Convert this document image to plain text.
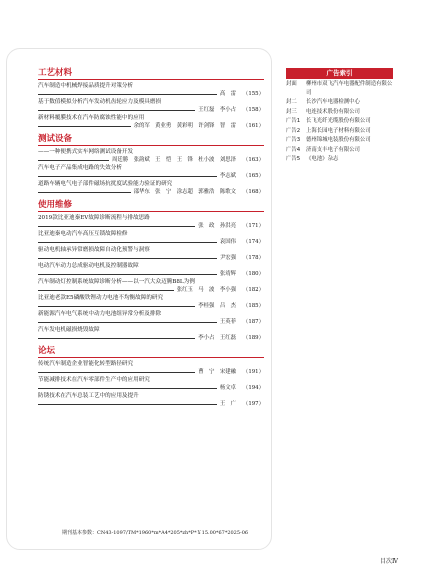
工艺材料
汽车制造中机械焊接品质提升对策分析
高　雷	（155）
基于数值模拟分析汽车发动机齿轮应力及模具磨损
王红磊　李小占	（158）
新材料覆膜技术在汽车防腐蚀性能中的应用
余的军　黄业勇　黄彩明　许剑锋　智　雷	（161）
测试设备
——一种便携式实车网络测试设备开发
周廷勝　张韵斌　王　恺　王　锋　杜小波　刘思泽	（163）
汽车电子产品集成电路的失效分析
李志斌	（165）
道路车辆电气电子部件磁场抗扰度试验能力验证的研究
邵华东　张　宁　涂志超　郭雅浩　陈歌文	（168）
使用维修
2019款比亚迪秦EV故障诊断流程与排故思路
张　政　孙洪亮	（171）
比亚迪秦电动汽车高压互锁故障检修
袁国伟	（174）
驱动电机轴承异常磨损故障自动化预警与洞察
尹宏强	（178）
电动汽车动力总成驱动电机及控制器故障
张靖辉	（180）
汽车制动灯控制系统故障诊断分析——以一汽大众迈腾B8L为例
张红玉　马　波　李小强	（182）
比亚迪老款E5磷酸铁锂动力电池不均衡故障的研究
李桂强　吕　杰	（185）
新能源汽车电气系统中动力电池组异常分析及排除
王英菲	（187）
汽车发电机磁损烧毁故障
李小占　王红磊	（189）
论坛
传统汽车制造企业智能化转型路径研究
曹　宁　宋建融	（191）
节能减排技术在汽车零部件生产中的应用研究
杨文卓	（194）
防锈技术在汽车总装工艺中的应用及提升
王　广	（197）
期刊基本参数：CN43-1097/TM*1960*m*A4*205*zh*P*￥15.00*67*2025-06
广告索引
封面	柳州市双飞汽车电器配件制造有限公司
封二	长沙汽车电器检测中心
封三	电连技术股份有限公司
广告1	长飞光纤光缆股份有限公司
广告2	上海长园电子材料有限公司
广告3	德州锦城电装股份有限公司
广告4	济南支丰电子有限公司
广告5	《电池》杂志
目次Ⅳ
